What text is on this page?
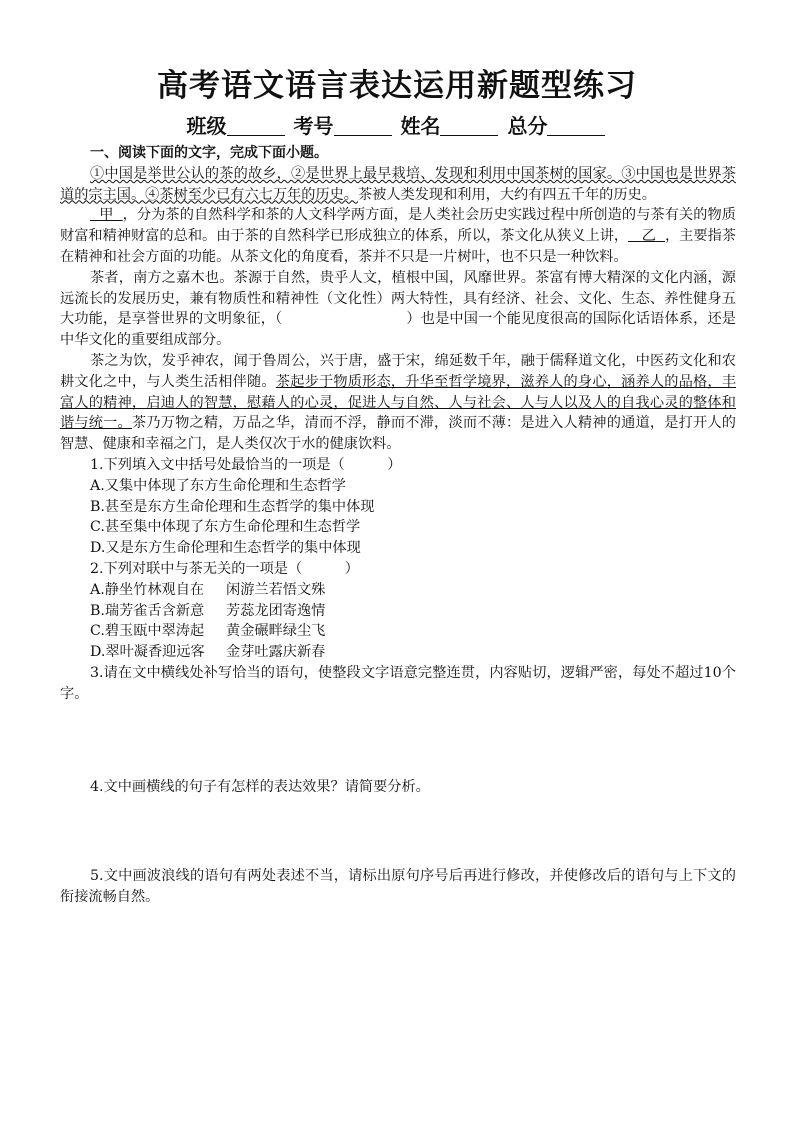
高考语文语言表达运用新题型练习
班级	考号	姓名	总分

一、阅读下面的文字，完成下面小题。

①中国是举世公认的茶的故乡，②是世界上最早栽培、发现和利用中国茶树的国家。③中国也是世界茶道的宗主国。④茶树至少已有六七万年的历史。茶被人类发现和利用，大约有四五千年的历史。

甲 ，分为茶的自然科学和茶的人文科学两方面，是人类社会历史实践过程中所创造的与茶有关的物质财富和精神财富的总和。由于茶的自然科学已形成独立的体系，所以，茶文化从狭义上讲， 乙 ，主要指茶在精神和社会方面的功能。从茶文化的角度看，茶并不只是一片树叶，也不只是一种饮料。

茶者，南方之嘉木也。茶源于自然，贵乎人文，植根中国，风靡世界。茶富有博大精深的文化内涵，源远流长的发展历史，兼有物质性和精神性（文化性）两大特性，具有经济、社会、文化、生态、养性健身五大功能，是享誉世界的文明象征，（	）也是中国一个能见度很高的国际化话语体系，还是中华文化的重要组成部分。

茶之为饮，发乎神农，闻于鲁周公，兴于唐，盛于宋，绵延数千年，融于儒释道文化，中医药文化和农耕文化之中，与人类生活相伴随。茶起步于物质形态，升华至哲学境界，滋养人的身心，涵养人的品格，丰富人的精神，启迪人的智慧，慰藉人的心灵，促进人与自然、人与社会、人与人以及人的自我心灵的整体和谐与统一。茶乃万物之精，万品之华，清而不浮，静而不滞，淡而不薄：是进入人精神的通道，是打开人的智慧、健康和幸福之门，是人类仅次于水的健康饮料。

1.下列填入文中括号处最恰当的一项是（　　　）

A.又集中体现了东方生命伦理和生态哲学

B.甚至是东方生命伦理和生态哲学的集中体现

C.甚至集中体现了东方生命伦理和生态哲学

D.又是东方生命伦理和生态哲学的集中体现

2.下列对联中与茶无关的一项是（　　　）

A.静坐竹林观自在 闲游兰若悟文殊

B.瑞芳雀舌含新意 芳蕊龙团寄逸情

C.碧玉瓯中翠涛起 黄金碾畔绿尘飞

D.翠叶凝香迎远客 金芽吐露庆新春

3.请在文中横线处补写恰当的语句，使整段文字语意完整连贯，内容贴切，逻辑严密，每处不超过10个字。

4.文中画横线的句子有怎样的表达效果？请简要分析。

5.文中画波浪线的语句有两处表述不当，请标出原句序号后再进行修改，并使修改后的语句与上下文的衔接流畅自然。
